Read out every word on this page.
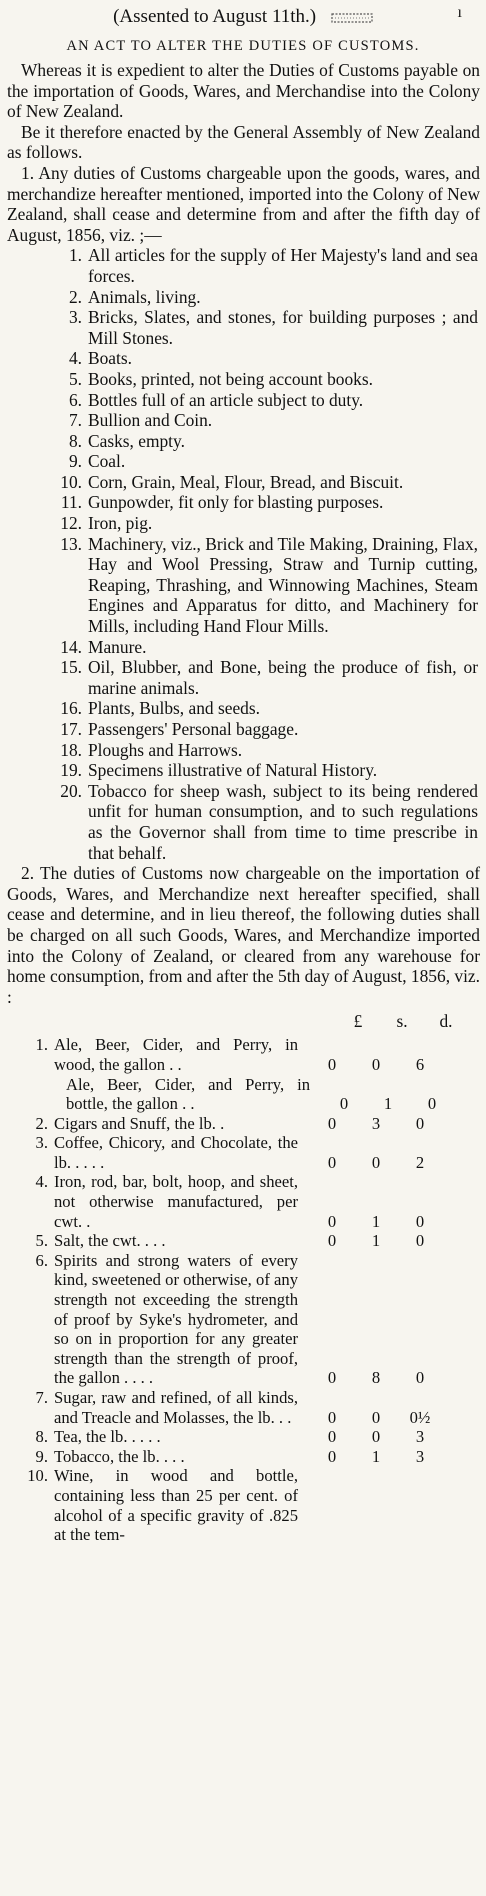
(Assented to August 11th.)	ı
AN ACT TO ALTER THE DUTIES OF CUSTOMS.

Whereas it is expedient to alter the Duties of Customs payable on the importation of Goods, Wares, and Merchandise into the Colony of New Zealand.

Be it therefore enacted by the General Assembly of New Zealand as follows.

1. Any duties of Customs chargeable upon the goods, wares, and merchandize hereafter mentioned, imported into the Colony of New Zealand, shall cease and determine from and after the fifth day of August, 1856, viz. ;—

1. All articles for the supply of Her Majesty's land and sea forces.
2. Animals, living.
3. Bricks, Slates, and stones, for building purposes ; and Mill Stones.
4. Boats.
5. Books, printed, not being account books.
6. Bottles full of an article subject to duty.
7. Bullion and Coin.
8. Casks, empty.
9. Coal.
10. Corn, Grain, Meal, Flour, Bread, and Biscuit.
11. Gunpowder, fit only for blasting purposes.
12. Iron, pig.
13. Machinery, viz., Brick and Tile Making, Draining, Flax, Hay and Wool Pressing, Straw and Turnip cutting, Reaping, Thrashing, and Winnowing Machines, Steam Engines and Apparatus for ditto, and Machinery for Mills, including Hand Flour Mills.
14. Manure.
15. Oil, Blubber, and Bone, being the produce of fish, or marine animals.
16. Plants, Bulbs, and seeds.
17. Passengers' Personal baggage.
18. Ploughs and Harrows.
19. Specimens illustrative of Natural History.
20. Tobacco for sheep wash, subject to its being rendered unfit for human consumption, and to such regulations as the Governor shall from time to time prescribe in that behalf.

2. The duties of Customs now chargeable on the importation of Goods, Wares, and Merchandize next hereafter specified, shall cease and determine, and in lieu thereof, the following duties shall be charged on all such Goods, Wares, and Merchandize imported into the Colony of Zealand, or cleared from any warehouse for home consumption, from and after the 5th day of August, 1856, viz. :

£	s.	d.
1. Ale, Beer, Cider, and Perry, in wood, the gallon . .	0	0	6
Ale, Beer, Cider, and Perry, in bottle, the gallon . .	0	1	0
2. Cigars and Snuff, the lb. .	0	3	0
3. Coffee, Chicory, and Chocolate, the lb. . . . .	0	0	2
4. Iron, rod, bar, bolt, hoop, and sheet, not otherwise manufactured, per cwt. .	0	1	0
5. Salt, the cwt. . . .	0	1	0
6. Spirits and strong waters of every kind, sweetened or otherwise, of any strength not exceeding the strength of proof by Syke's hydrometer, and so on in proportion for any greater strength than the strength of proof, the gallon . . . .	0	8	0
7. Sugar, raw and refined, of all kinds, and Treacle and Molasses, the lb. . .	0	0	0½
8. Tea, the lb. . . . .	0	0	3
9. Tobacco, the lb. . . .	0	1	3
10. Wine, in wood and bottle, containing less than 25 per cent. of alcohol of a specific gravity of .825 at the tem-
